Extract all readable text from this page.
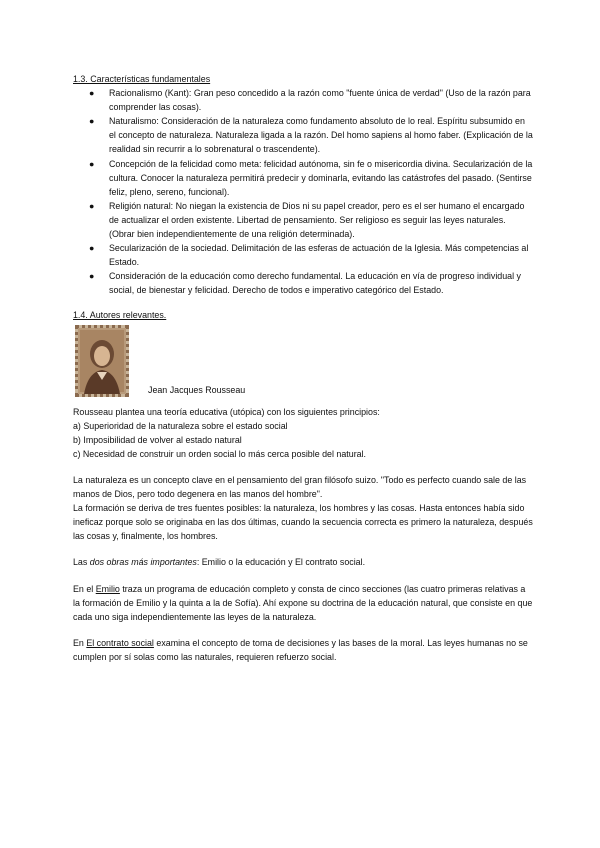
1.3. Características fundamentales

● Racionalismo (Kant): Gran peso concedido a la razón como "fuente única de verdad" (Uso de la razón para comprender las cosas).
● Naturalismo: Consideración de la naturaleza como fundamento absoluto de lo real. Espíritu subsumido en el concepto de naturaleza. Naturaleza ligada a la razón. Del homo sapiens al homo faber. (Explicación de la realidad sin recurrir a lo sobrenatural o trascendente).
● Concepción de la felicidad como meta: felicidad autónoma, sin fe o misericordia divina. Secularización de la cultura. Conocer la naturaleza permitirá predecir y dominarla, evitando las catástrofes del pasado. (Sentirse feliz, pleno, sereno, funcional).
● Religión natural: No niegan la existencia de Dios ni su papel creador, pero es el ser humano el encargado de actualizar el orden existente. Libertad de pensamiento. Ser religioso es seguir las leyes naturales. (Obrar bien independientemente de una religión determinada).
● Secularización de la sociedad. Delimitación de las esferas de actuación de la Iglesia. Más competencias al Estado.
● Consideración de la educación como derecho fundamental. La educación en vía de progreso individual y social, de bienestar y felicidad. Derecho de todos e imperativo categórico del Estado.

1.4. Autores relevantes.

Jean Jacques Rousseau

Rousseau plantea una teoría educativa (utópica) con los siguientes principios:

a) Superioridad de la naturaleza sobre el estado social

b) Imposibilidad de volver al estado natural

c) Necesidad de construir un orden social lo más cerca posible del natural.

La naturaleza es un concepto clave en el pensamiento del gran filósofo suizo. "Todo es perfecto cuando sale de las manos de Dios, pero todo degenera en las manos del hombre".

La formación se deriva de tres fuentes posibles: la naturaleza, los hombres y las cosas. Hasta entonces había sido ineficaz porque solo se originaba en las dos últimas, cuando la secuencia correcta es primero la naturaleza, después las cosas y, finalmente, los hombres.

Las dos obras más importantes: Emilio o la educación y El contrato social.

En el Emilio traza un programa de educación completo y consta de cinco secciones (las cuatro primeras relativas a la formación de Emilio y la quinta a la de Sofía). Ahí expone su doctrina de la educación natural, que consiste en que cada uno siga independientemente las leyes de la naturaleza.

En El contrato social examina el concepto de toma de decisiones y las bases de la moral. Las leyes humanas no se cumplen por sí solas como las naturales, requieren refuerzo social.
